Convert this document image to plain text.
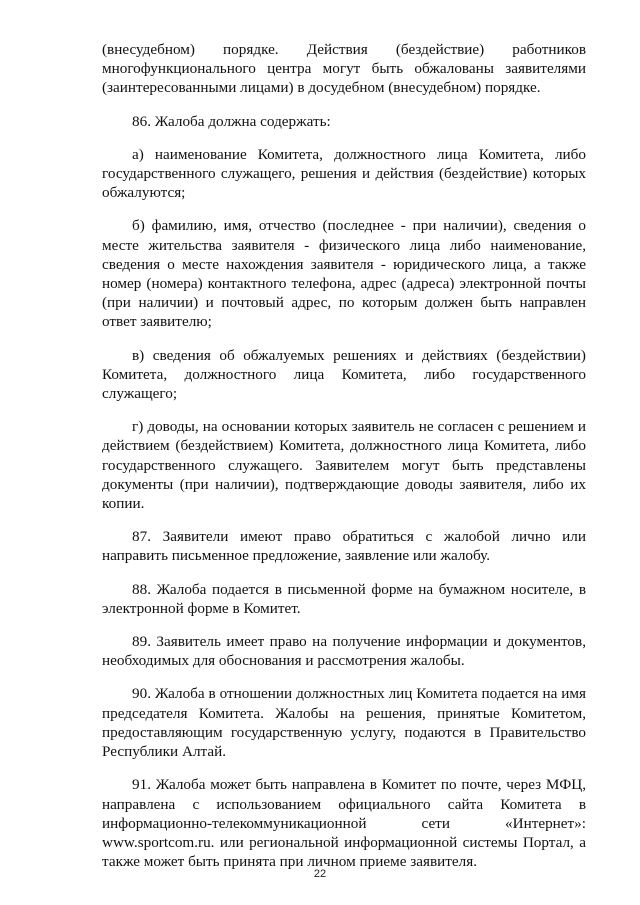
(внесудебном) порядке. Действия (бездействие) работников многофункционального центра могут быть обжалованы заявителями (заинтересованными лицами) в досудебном (внесудебном) порядке.

86. Жалоба должна содержать:

а) наименование Комитета, должностного лица Комитета, либо государственного служащего, решения и действия (бездействие) которых обжалуются;

б) фамилию, имя, отчество (последнее - при наличии), сведения о месте жительства заявителя - физического лица либо наименование, сведения о месте нахождения заявителя - юридического лица, а также номер (номера) контактного телефона, адрес (адреса) электронной почты (при наличии) и почтовый адрес, по которым должен быть направлен ответ заявителю;

в) сведения об обжалуемых решениях и действиях (бездействии) Комитета, должностного лица Комитета, либо государственного служащего;

г) доводы, на основании которых заявитель не согласен с решением и действием (бездействием) Комитета, должностного лица Комитета, либо государственного служащего. Заявителем могут быть представлены документы (при наличии), подтверждающие доводы заявителя, либо их копии.

87. Заявители имеют право обратиться с жалобой лично или направить письменное предложение, заявление или жалобу.

88. Жалоба подается в письменной форме на бумажном носителе, в электронной форме в Комитет.

89. Заявитель имеет право на получение информации и документов, необходимых для обоснования и рассмотрения жалобы.

90. Жалоба в отношении должностных лиц Комитета подается на имя председателя Комитета. Жалобы на решения, принятые Комитетом, предоставляющим государственную услугу, подаются в Правительство Республики Алтай.

91. Жалоба может быть направлена в Комитет по почте, через МФЦ, направлена с использованием официального сайта Комитета в информационно-телекоммуникационной сети «Интернет»: www.sportcom.ru. или региональной информационной системы Портал, а также может быть принята при личном приеме заявителя.

22
